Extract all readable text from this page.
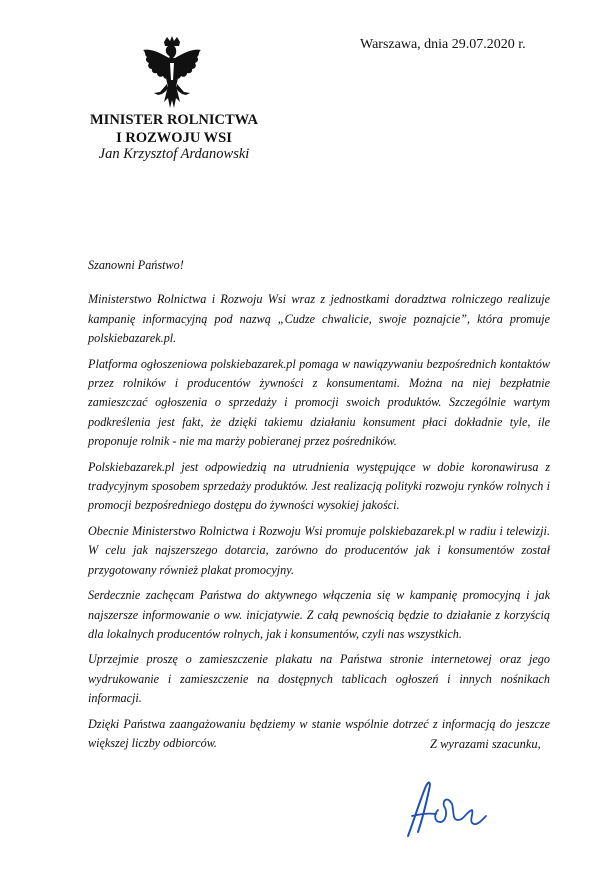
Warszawa, dnia 29.07.2020 r.
MINISTER ROLNICTWA
I ROZWOJU WSI
Jan Krzysztof Ardanowski

Szanowni Państwo!

Ministerstwo Rolnictwa i Rozwoju Wsi wraz z jednostkami doradztwa rolniczego realizuje kampanię informacyjną pod nazwą „Cudze chwalicie, swoje poznajcie”, która promuje polskiebazarek.pl.

Platforma ogłoszeniowa polskiebazarek.pl pomaga w nawiązywaniu bezpośrednich kontaktów przez rolników i producentów żywności z konsumentami. Można na niej bezpłatnie zamieszczać ogłoszenia o sprzedaży i promocji swoich produktów. Szczególnie wartym podkreślenia jest fakt, że dzięki takiemu działaniu konsument płaci dokładnie tyle, ile proponuje rolnik - nie ma marży pobieranej przez pośredników.

Polskiebazarek.pl jest odpowiedzią na utrudnienia występujące w dobie koronawirusa z tradycyjnym sposobem sprzedaży produktów. Jest realizacją polityki rozwoju rynków rolnych i promocji bezpośredniego dostępu do żywności wysokiej jakości.

Obecnie Ministerstwo Rolnictwa i Rozwoju Wsi promuje polskiebazarek.pl w radiu i telewizji. W celu jak najszerszego dotarcia, zarówno do producentów jak i konsumentów został przygotowany również plakat promocyjny.

Serdecznie zachęcam Państwa do aktywnego włączenia się w kampanię promocyjną i jak najszersze informowanie o ww. inicjatywie. Z całą pewnością będzie to działanie z korzyścią dla lokalnych producentów rolnych, jak i konsumentów, czyli nas wszystkich.

Uprzejmie proszę o zamieszczenie plakatu na Państwa stronie internetowej oraz jego wydrukowanie i zamieszczenie na dostępnych tablicach ogłoszeń i innych nośnikach informacji.

Dzięki Państwa zaangażowaniu będziemy w stanie wspólnie dotrzeć z informacją do jeszcze większej liczby odbiorców.	Z wyrazami szacunku,
